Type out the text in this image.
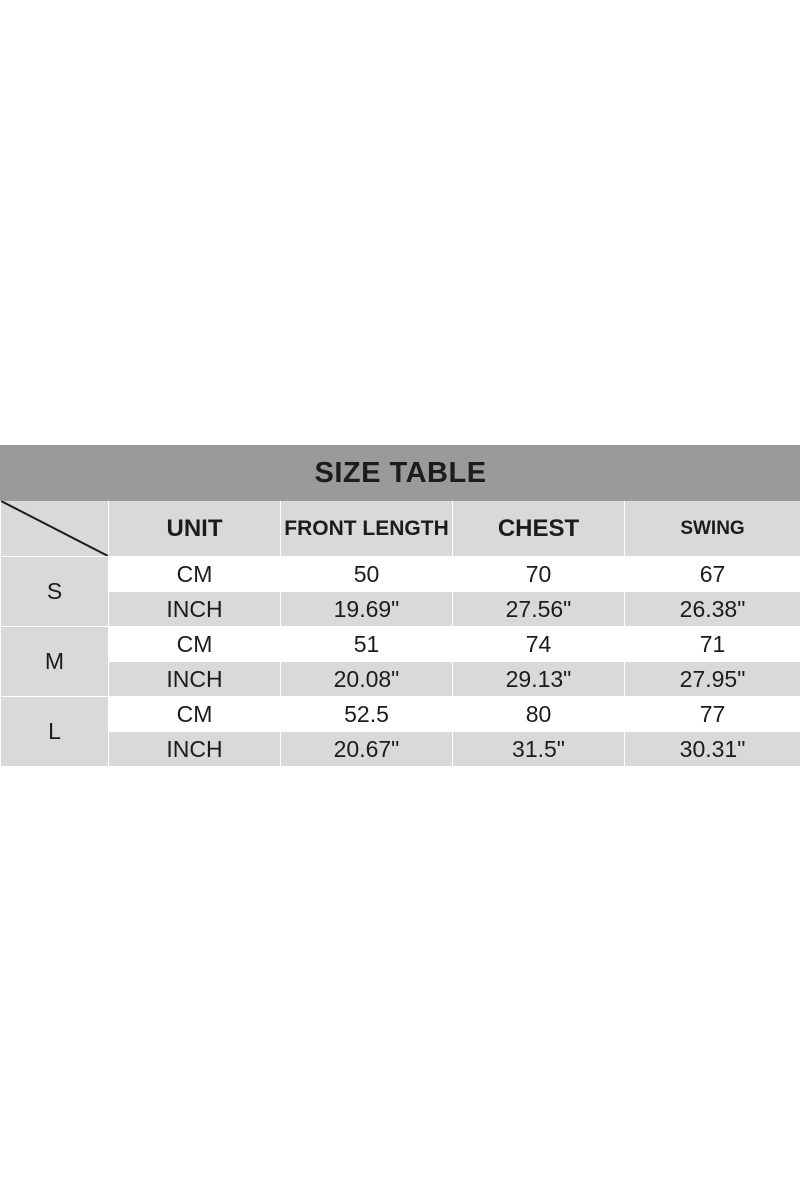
SIZE TABLE				

	UNIT	FRONT LENGTH	CHEST	SWING
S	CM	50	70	67
	INCH	19.69"	27.56"	26.38"
M	CM	51	74	71
	INCH	20.08"	29.13"	27.95"
L	CM	52.5	80	77
	INCH	20.67"	31.5"	30.31"
